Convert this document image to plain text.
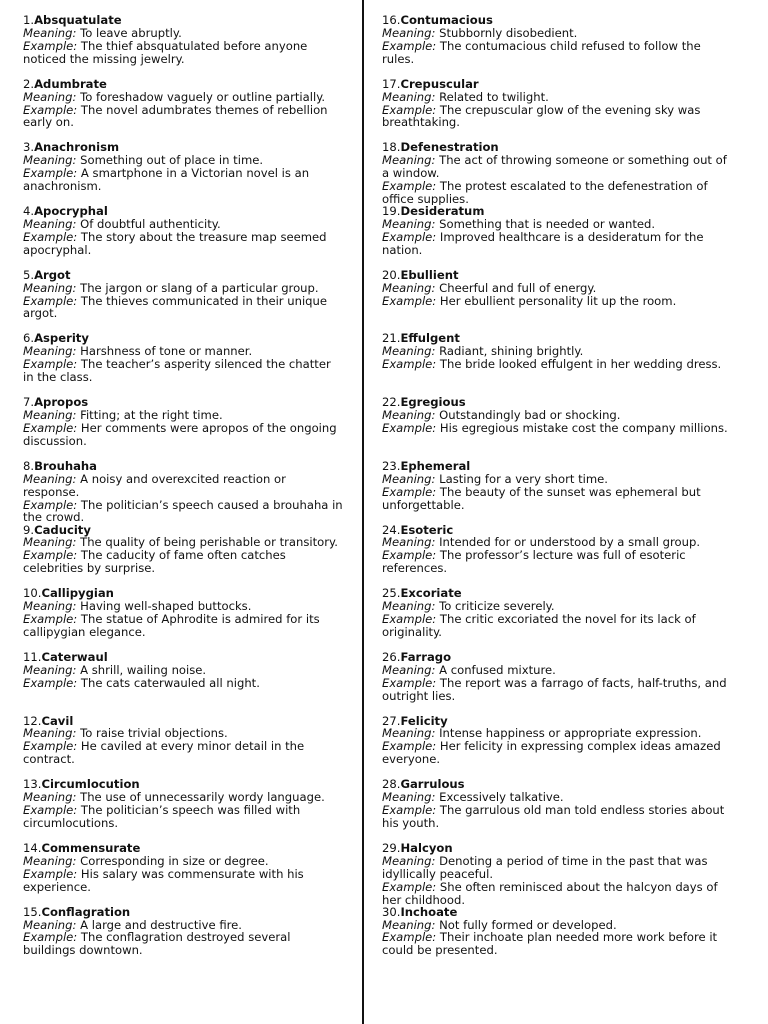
1.Absquatulate
Meaning: To leave abruptly.
Example: The thief absquatulated before anyone noticed the missing jewelry.
2.Adumbrate
Meaning: To foreshadow vaguely or outline partially.
Example: The novel adumbrates themes of rebellion early on.
3.Anachronism
Meaning: Something out of place in time.
Example: A smartphone in a Victorian novel is an anachronism.
4.Apocryphal
Meaning: Of doubtful authenticity.
Example: The story about the treasure map seemed apocryphal.
5.Argot
Meaning: The jargon or slang of a particular group.
Example: The thieves communicated in their unique argot.
6.Asperity
Meaning: Harshness of tone or manner.
Example: The teacher’s asperity silenced the chatter in the class.
7.Apropos
Meaning: Fitting; at the right time.
Example: Her comments were apropos of the ongoing discussion.
8.Brouhaha
Meaning: A noisy and overexcited reaction or response.
Example: The politician’s speech caused a brouhaha in the crowd.
9.Caducity
Meaning: The quality of being perishable or transitory.
Example: The caducity of fame often catches celebrities by surprise.
10.Callipygian
Meaning: Having well-shaped buttocks.
Example: The statue of Aphrodite is admired for its callipygian elegance.
11.Caterwaul
Meaning: A shrill, wailing noise.
Example: The cats caterwauled all night.
12.Cavil
Meaning: To raise trivial objections.
Example: He caviled at every minor detail in the contract.
13.Circumlocution
Meaning: The use of unnecessarily wordy language.
Example: The politician’s speech was filled with circumlocutions.
14.Commensurate
Meaning: Corresponding in size or degree.
Example: His salary was commensurate with his experience.
15.Conflagration
Meaning: A large and destructive fire.
Example: The conflagration destroyed several buildings downtown.
16.Contumacious
Meaning: Stubbornly disobedient.
Example: The contumacious child refused to follow the rules.
17.Crepuscular
Meaning: Related to twilight.
Example: The crepuscular glow of the evening sky was breathtaking.
18.Defenestration
Meaning: The act of throwing someone or something out of a window.
Example: The protest escalated to the defenestration of office supplies.
19.Desideratum
Meaning: Something that is needed or wanted.
Example: Improved healthcare is a desideratum for the nation.
20.Ebullient
Meaning: Cheerful and full of energy.
Example: Her ebullient personality lit up the room.
21.Effulgent
Meaning: Radiant, shining brightly.
Example: The bride looked effulgent in her wedding dress.
22.Egregious
Meaning: Outstandingly bad or shocking.
Example: His egregious mistake cost the company millions.
23.Ephemeral
Meaning: Lasting for a very short time.
Example: The beauty of the sunset was ephemeral but unforgettable.
24.Esoteric
Meaning: Intended for or understood by a small group.
Example: The professor’s lecture was full of esoteric references.
25.Excoriate
Meaning: To criticize severely.
Example: The critic excoriated the novel for its lack of originality.
26.Farrago
Meaning: A confused mixture.
Example: The report was a farrago of facts, half-truths, and outright lies.
27.Felicity
Meaning: Intense happiness or appropriate expression.
Example: Her felicity in expressing complex ideas amazed everyone.
28.Garrulous
Meaning: Excessively talkative.
Example: The garrulous old man told endless stories about his youth.
29.Halcyon
Meaning: Denoting a period of time in the past that was idyllically peaceful.
Example: She often reminisced about the halcyon days of her childhood.
30.Inchoate
Meaning: Not fully formed or developed.
Example: Their inchoate plan needed more work before it could be presented.
